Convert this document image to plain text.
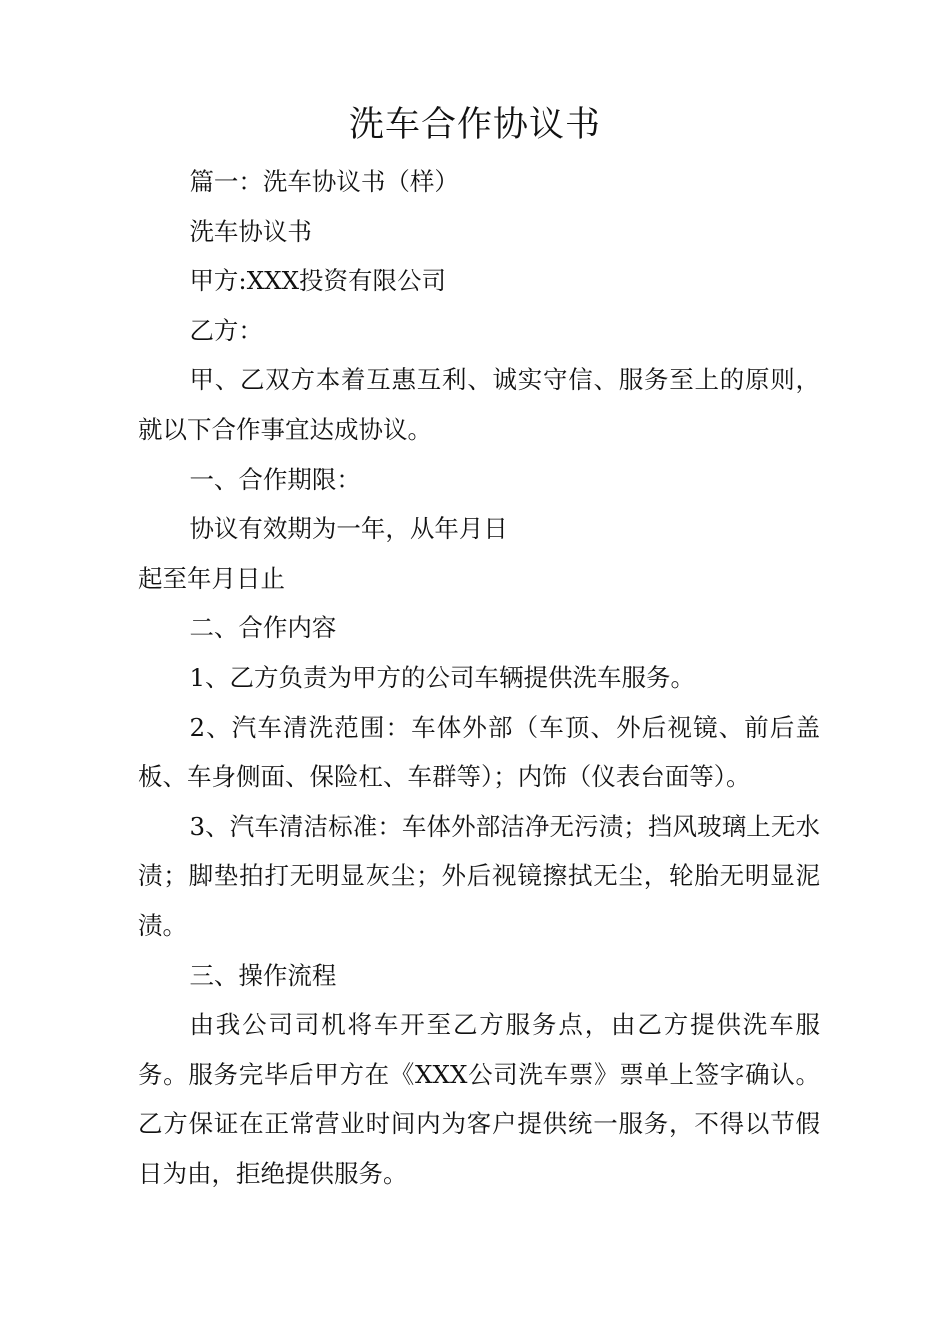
洗车合作协议书

篇一：洗车协议书（样）

洗车协议书

甲方:XXX投资有限公司

乙方：

甲、乙双方本着互惠互利、诚实守信、服务至上的原则，就以下合作事宜达成协议。

一、合作期限：

协议有效期为一年，从年月日

起至年月日止

二、合作内容

1、乙方负责为甲方的公司车辆提供洗车服务。

2、汽车清洗范围：车体外部（车顶、外后视镜、前后盖板、车身侧面、保险杠、车群等）；内饰（仪表台面等）。

3、汽车清洁标准：车体外部洁净无污渍；挡风玻璃上无水渍；脚垫拍打无明显灰尘；外后视镜擦拭无尘，轮胎无明显泥渍。

三、操作流程

由我公司司机将车开至乙方服务点，由乙方提供洗车服务。服务完毕后甲方在《XXX公司洗车票》票单上签字确认。乙方保证在正常营业时间内为客户提供统一服务，不得以节假日为由，拒绝提供服务。
